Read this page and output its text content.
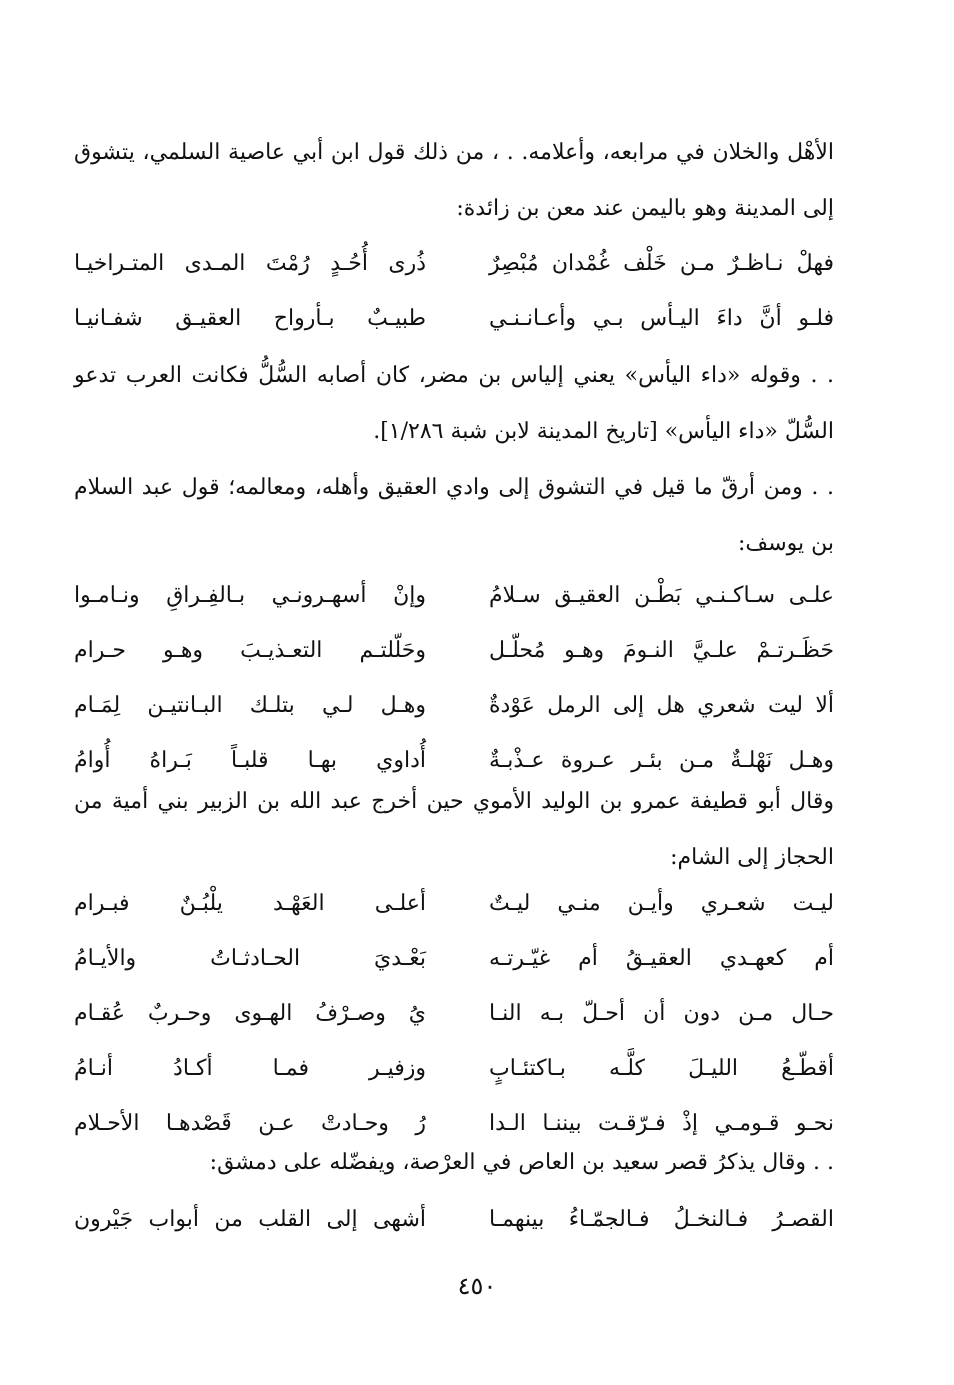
الأهْل والخلان في مرابعه، وأعلامه. . ، من ذلك قول ابن أبي عاصية السلمي، يتشوق إلى المدينة وهو باليمن عند معن بن زائدة:
فهلْ نـاظـرٌ مـن خَلْف غُمْدان مُبْصِرٌ
ذُرى أُحُـدٍ رُمْتَ المـدى المتـراخيـا
فلـو أنَّ داءَ اليـأس بـي وأعـانـنـي
طبيـبٌ بـأرواح العقيـق شفـانيـا
. . وقوله «داء اليأس» يعني إلياس بن مضر، كان أصابه السُّلُّ فكانت العرب تدعو السُّلّ «داء اليأس» [تاريخ المدينة لابن شبة ١/٢٨٦].
. . ومن أرقّ ما قيل في التشوق إلى وادي العقيق وأهله، ومعالمه؛ قول عبد السلام بن يوسف:
علـى سـاكـنـي بَطْـن العقيـق سـلامُ
وإنْ أسهـرونـي بـالفِـراقِ ونـامـوا
حَظَـرتـمْ علـيَّ النـومَ وهـو مُحلّـل
وحَلّلتـم التعـذيـبَ وهـو حـرام
ألا ليت شعري هل إلى الرمل عَوْدةٌ
وهـل لـي بتلـك البـانتيـن لِمَـام
وهـل نَهْلـةٌ مـن بئـر عـروة عـذْبـةٌ
أُداوي بهـا قلبـاً بَـراهُ أُوامُ
وقال أبو قطيفة عمرو بن الوليد الأموي حين أخرج عبد الله بن الزبير بني أمية من الحجاز إلى الشام:
ليـت شعـري وأيـن منـي ليـتٌ
أعلـى العَهْـد يلْبُـنٌ فبـرام
أم كعهـدي العقيـقُ أم غيّـرتـه
بَعْـديَ الحـادثـاتُ والأيـامُ
حـال مـن دون أن أحـلّ بـه النـا
يُ وصـرْفُ الهـوى وحـربٌ عُقـام
أقطّـعُ الليـلَ كلَّـه بـاكتئـابٍ
وزفيـر فمـا أكـادُ أنـامُ
نحـو قـومـي إذْ فـرّقـت بيننـا الـدا
رُ وحـادتْ عـن قَصْدهـا الأحـلام
. . وقال يذكرُ قصر سعيد بن العاص في العرْصة، ويفضّله على دمشق:
القصـرُ فـالنخـلُ فـالجمّـاءُ بينهمـا
أشهى إلى القلب من أبواب جَيْرون
٤٥٠
